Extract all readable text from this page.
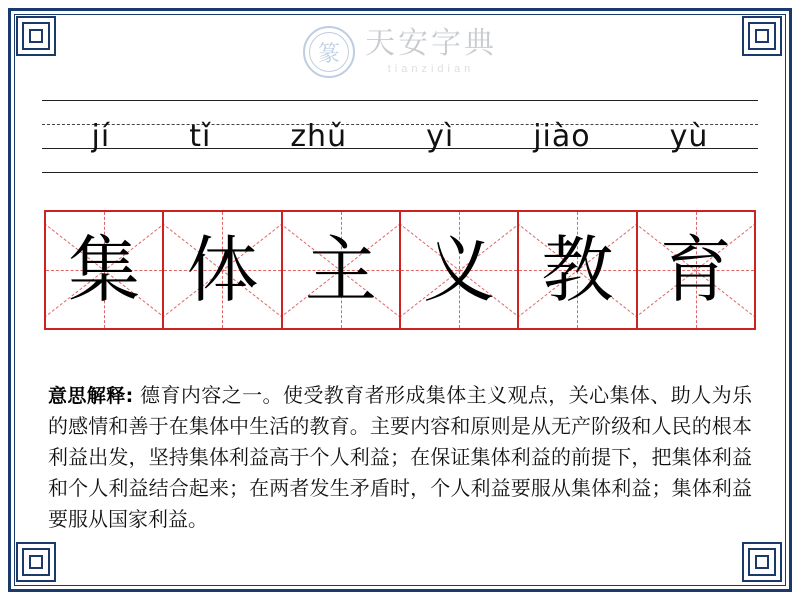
篆 天安字典
tianzidian
jí	tǐ	zhǔ	yì	jiào	yù
集 体 主 义 教 育
意思解释: 德育内容之一。使受教育者形成集体主义观点，关心集体、助人为乐的感情和善于在集体中生活的教育。主要内容和原则是从无产阶级和人民的根本利益出发，坚持集体利益高于个人利益；在保证集体利益的前提下，把集体利益和个人利益结合起来；在两者发生矛盾时，个人利益要服从集体利益；集体利益要服从国家利益。
